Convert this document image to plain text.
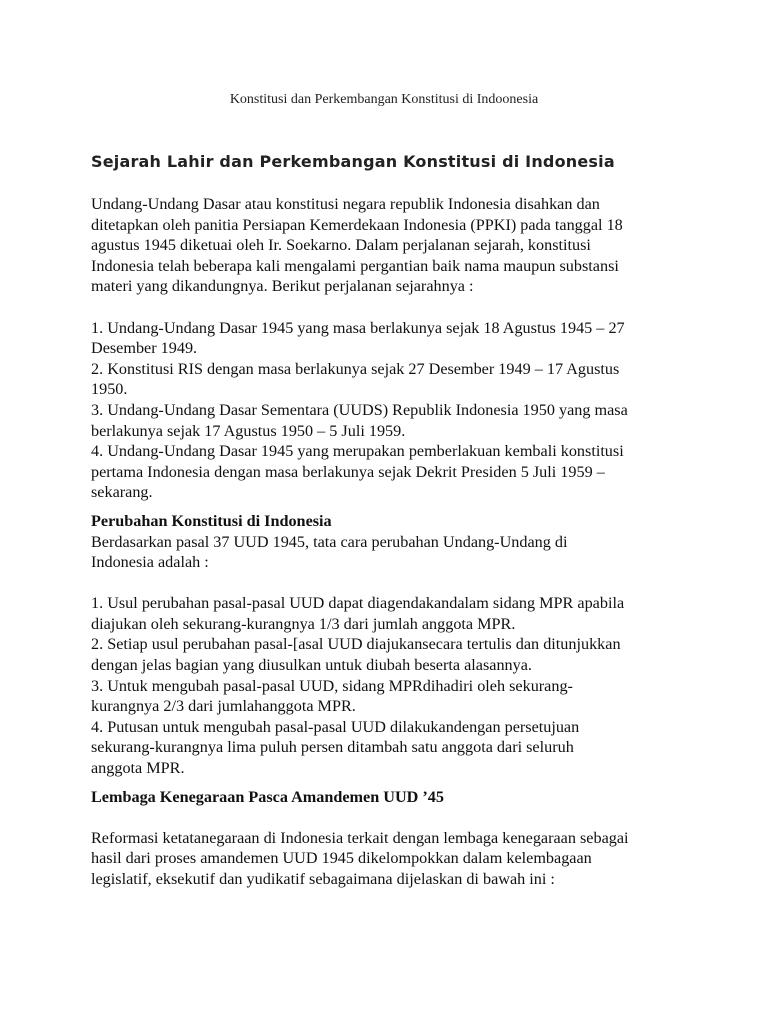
Konstitusi dan Perkembangan Konstitusi di Indoonesia
Sejarah Lahir dan Perkembangan Konstitusi di Indonesia

Undang-Undang Dasar atau konstitusi negara republik Indonesia disahkan dan

ditetapkan oleh panitia Persiapan Kemerdekaan Indonesia (PPKI) pada tanggal 18

agustus 1945 diketuai oleh Ir. Soekarno. Dalam perjalanan sejarah, konstitusi

Indonesia telah beberapa kali mengalami pergantian baik nama maupun substansi

materi yang dikandungnya. Berikut perjalanan sejarahnya :

1. Undang-Undang Dasar 1945 yang masa berlakunya sejak 18 Agustus 1945 – 27

Desember 1949.

2. Konstitusi RIS dengan masa berlakunya sejak 27 Desember 1949 – 17 Agustus

1950.

3. Undang-Undang Dasar Sementara (UUDS) Republik Indonesia 1950 yang masa

berlakunya sejak 17 Agustus 1950 – 5 Juli 1959.

4. Undang-Undang Dasar 1945 yang merupakan pemberlakuan kembali konstitusi

pertama Indonesia dengan masa berlakunya sejak Dekrit Presiden 5 Juli 1959 –

sekarang.

Perubahan Konstitusi di Indonesia

Berdasarkan pasal 37 UUD 1945, tata cara perubahan Undang-Undang di

Indonesia adalah :

1. Usul perubahan pasal-pasal UUD dapat diagendakandalam sidang MPR apabila

diajukan oleh sekurang-kurangnya 1/3 dari jumlah anggota MPR.

2. Setiap usul perubahan pasal-[asal UUD diajukansecara tertulis dan ditunjukkan

dengan jelas bagian yang diusulkan untuk diubah beserta alasannya.

3. Untuk mengubah pasal-pasal UUD, sidang MPRdihadiri oleh sekurang-

kurangnya 2/3 dari jumlahanggota MPR.

4. Putusan untuk mengubah pasal-pasal UUD dilakukandengan persetujuan

sekurang-kurangnya lima puluh persen ditambah satu anggota dari seluruh

anggota MPR.

Lembaga Kenegaraan Pasca Amandemen UUD ’45

Reformasi ketatanegaraan di Indonesia terkait dengan lembaga kenegaraan sebagai

hasil dari proses amandemen UUD 1945 dikelompokkan dalam kelembagaan

legislatif, eksekutif dan yudikatif sebagaimana dijelaskan di bawah ini :
